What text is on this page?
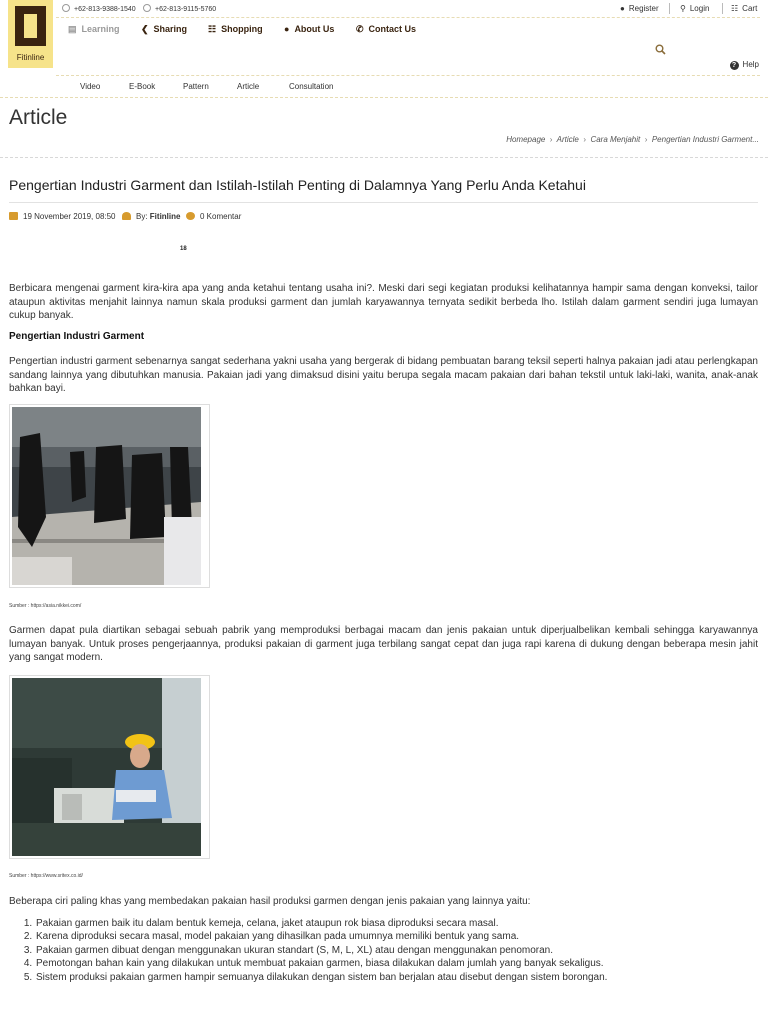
Fitinline
+62-813-9388-1540	+62-813-9115-5760	● Register	⚲ Login	☷ Cart
▤ Learning ❮ Sharing ☷ Shopping ● About Us ✆ Contact Us
? Help
Video	E-Book	Pattern	Article	Consultation
Article
Homepage  ›  Article  ›  Cara Menjahit  ›  Pengertian Industri Garment...
Pengertian Industri Garment dan Istilah-Istilah Penting di Dalamnya Yang Perlu Anda Ketahui
19 November 2019, 08:50	By: Fitinline	0 Komentar
18

Berbicara mengenai garment kira-kira apa yang anda ketahui tentang usaha ini?. Meski dari segi kegiatan produksi kelihatannya hampir sama dengan konveksi, tailor ataupun aktivitas menjahit lainnya namun skala produksi garment dan jumlah karyawannya ternyata sedikit berbeda lho. Istilah dalam garment sendiri juga lumayan cukup banyak.

Pengertian Industri Garment

Pengertian industri garment sebenarnya sangat sederhana yakni usaha yang bergerak di bidang pembuatan barang teksil seperti halnya pakaian jadi atau perlengkapan sandang lainnya yang dibutuhkan manusia. Pakaian jadi yang dimaksud disini yaitu berupa segala macam pakaian dari bahan tekstil untuk laki-laki, wanita, anak-anak bahkan bayi.

Sumber : https://asia.nikkei.com/

Garmen dapat pula diartikan sebagai sebuah pabrik yang memproduksi berbagai macam dan jenis pakaian untuk diperjualbelikan kembali sehingga karyawannya lumayan banyak. Untuk proses pengerjaannya, produksi pakaian di garment juga terbilang sangat cepat dan juga rapi karena di dukung dengan beberapa mesin jahit yang sangat modern.

Sumber : https://www.sritex.co.id/

Beberapa ciri paling khas yang membedakan pakaian hasil produksi garmen dengan jenis pakaian yang lainnya yaitu:

1. Pakaian garmen baik itu dalam bentuk kemeja, celana, jaket ataupun rok biasa diproduksi secara masal.
2. Karena diproduksi secara masal, model pakaian yang dihasilkan pada umumnya memiliki bentuk yang sama.
3. Pakaian garmen dibuat dengan menggunakan ukuran standart (S, M, L, XL) atau dengan menggunakan penomoran.
4. Pemotongan bahan kain yang dilakukan untuk membuat pakaian garmen, biasa dilakukan dalam jumlah yang banyak sekaligus.
5. Sistem produksi pakaian garmen hampir semuanya dilakukan dengan sistem ban berjalan atau disebut dengan sistem borongan.
